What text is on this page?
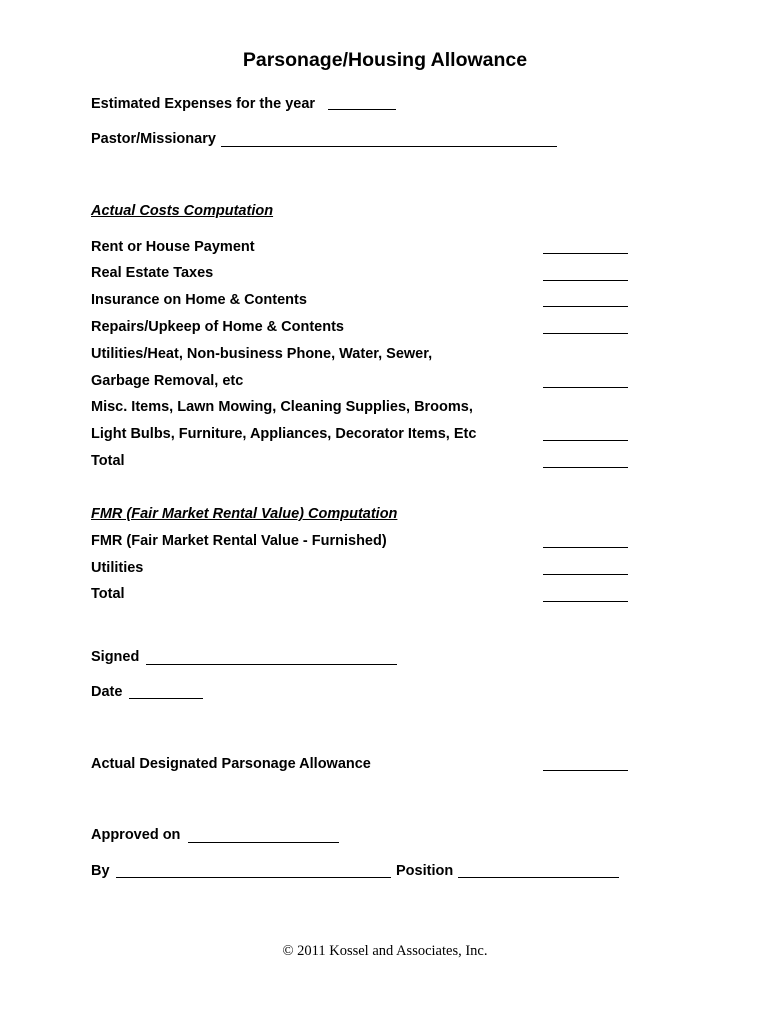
Parsonage/Housing Allowance
Estimated Expenses for the year
Pastor/Missionary
Actual Costs Computation
Rent or House Payment
Real Estate Taxes
Insurance on Home & Contents
Repairs/Upkeep of Home & Contents
Utilities/Heat, Non-business Phone, Water, Sewer,
Garbage Removal, etc
Misc. Items, Lawn Mowing, Cleaning Supplies, Brooms,
Light Bulbs, Furniture, Appliances, Decorator Items, Etc
Total
FMR (Fair Market Rental Value) Computation
FMR (Fair Market Rental Value - Furnished)
Utilities
Total
Signed
Date
Actual Designated Parsonage Allowance
Approved on
By	Position
© 2011 Kossel and Associates, Inc.
